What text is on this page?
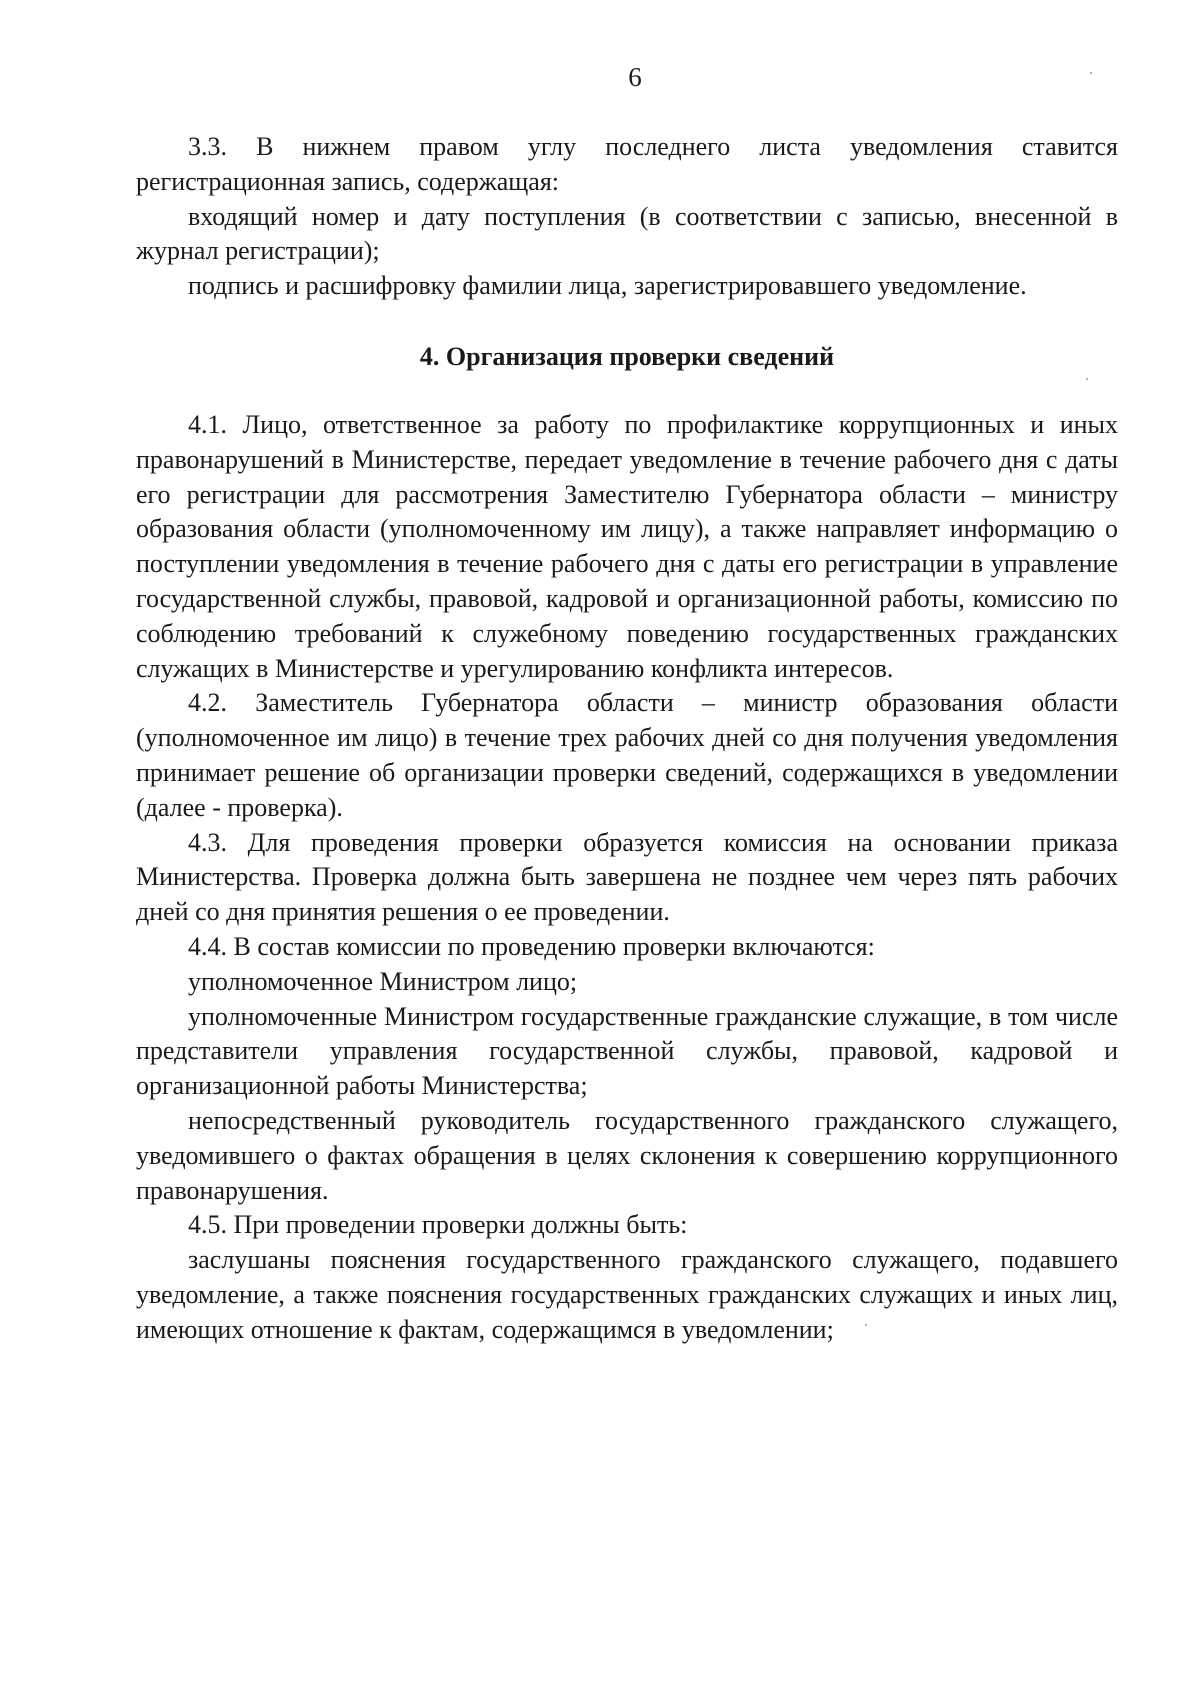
6

3.3. В нижнем правом углу последнего листа уведомления ставится регистрационная запись, содержащая:

входящий номер и дату поступления (в соответствии с записью, внесенной в журнал регистрации);

подпись и расшифровку фамилии лица, зарегистрировавшего уведомление.

4. Организация проверки сведений

4.1. Лицо, ответственное за работу по профилактике коррупционных и иных правонарушений в Министерстве, передает уведомление в течение рабочего дня с даты его регистрации для рассмотрения Заместителю Губернатора области – министру образования области (уполномоченному им лицу), а также направляет информацию о поступлении уведомления в течение рабочего дня с даты его регистрации в управление государственной службы, правовой, кадровой и организационной работы, комиссию по соблюдению требований к служебному поведению государственных гражданских служащих в Министерстве и урегулированию конфликта интересов.

4.2. Заместитель Губернатора области – министр образования области (уполномоченное им лицо) в течение трех рабочих дней со дня получения уведомления принимает решение об организации проверки сведений, содержащихся в уведомлении (далее - проверка).

4.3. Для проведения проверки образуется комиссия на основании приказа Министерства. Проверка должна быть завершена не позднее чем через пять рабочих дней со дня принятия решения о ее проведении.

4.4. В состав комиссии по проведению проверки включаются:

уполномоченное Министром лицо;

уполномоченные Министром государственные гражданские служащие, в том числе представители управления государственной службы, правовой, кадровой и организационной работы Министерства;

непосредственный руководитель государственного гражданского служащего, уведомившего о фактах обращения в целях склонения к совершению коррупционного правонарушения.

4.5. При проведении проверки должны быть:

заслушаны пояснения государственного гражданского служащего, подавшего уведомление, а также пояснения государственных гражданских служащих и иных лиц, имеющих отношение к фактам, содержащимся в уведомлении;
